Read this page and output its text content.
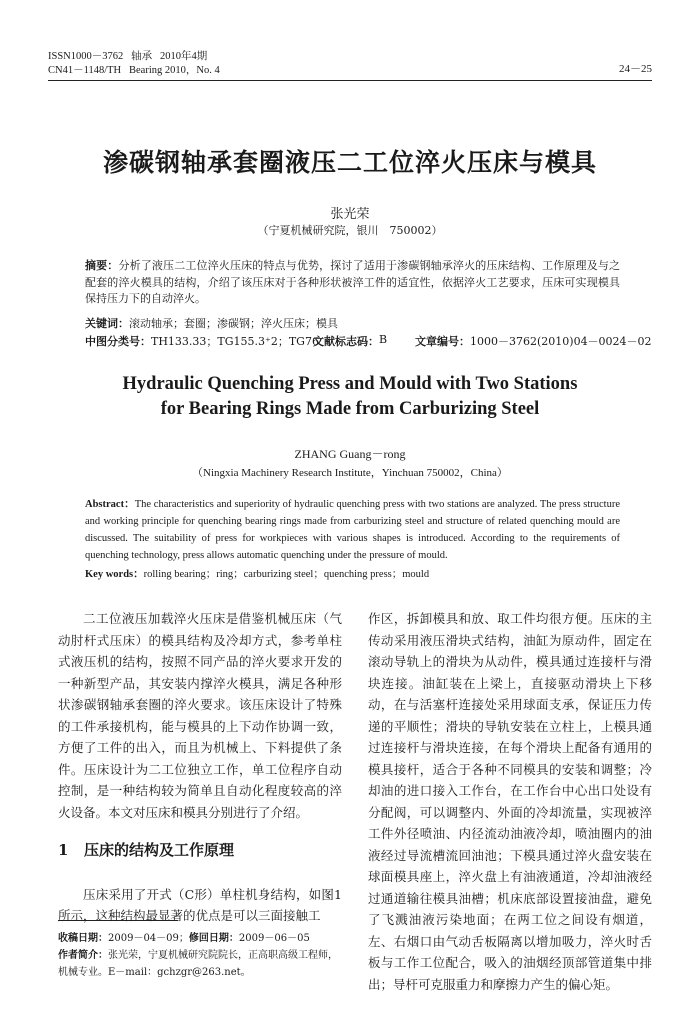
ISSN1000－3762 轴承 2010年4期
CN41－1148/TH Bearing 2010，No. 4	24－25
渗碳钢轴承套圈液压二工位淬火压床与模具
张光荣
（宁夏机械研究院，银川　750002）
摘要：分析了液压二工位淬火压床的特点与优势，探讨了适用于渗碳钢轴承淬火的压床结构、工作原理及与之配套的淬火模具的结构，介绍了该压床对于各种形状被淬工件的适宜性，依据淬火工艺要求，压床可实现模具保持压力下的自动淬火。
关键词：滚动轴承；套圈；渗碳钢；淬火压床；模具
中图分类号： TH133.33；TG155.3⁺2；TG76
文献标志码： B	文章编号： 1000－3762(2010)04－0024－02
Hydraulic Quenching Press and Mould with Two Stations
for Bearing Rings Made from Carburizing Steel
ZHANG Guang－rong
（Ningxia Machinery Research Institute，Yinchuan 750002，China）
Abstract：The characteristics and superiority of hydraulic quenching press with two stations are analyzed. The press structure and working principle for quenching bearing rings made from carburizing steel and structure of related quenching mould are discussed. The suitability of press for workpieces with various shapes is introduced. According to the requirements of quenching technology, press allows automatic quenching under the pressure of mould.
Key words：rolling bearing；ring；carburizing steel；quenching press；mould

二工位液压加载淬火压床是借鉴机械压床（气动肘杆式压床）的模具结构及冷却方式，参考单柱式液压机的结构，按照不同产品的淬火要求开发的一种新型产品，其安装内撑淬火模具，满足各种形状渗碳钢轴承套圈的淬火要求。该压床设计了特殊的工件承接机构，能与模具的上下动作协调一致，方便了工件的出入，而且为机械上、下料提供了条件。压床设计为二工位独立工作，单工位程序自动控制，是一种结构较为简单且自动化程度较高的淬火设备。本文对压床和模具分别进行了介绍。

1 压床的结构及工作原理

压床采用了开式（C形）单柱机身结构，如图1所示，这种结构最显著的优点是可以三面接触工

收稿日期：2009－04－09；修回日期：2009－06－05
作者简介：张光荣，宁夏机械研究院院长，正高职高级工程师，机械专业。E－mail：gchzgr@263.net。

作区，拆卸模具和放、取工件均很方便。压床的主传动采用液压滑块式结构，油缸为原动件，固定在滚动导轨上的滑块为从动件，模具通过连接杆与滑块连接。油缸装在上梁上，直接驱动滑块上下移动，在与活塞杆连接处采用球面支承，保证压力传递的平顺性；滑块的导轨安装在立柱上，上模具通过连接杆与滑块连接，在每个滑块上配备有通用的模具接杆，适合于各种不同模具的安装和调整；冷却油的进口接入工作台，在工作台中心出口处设有分配阀，可以调整内、外面的冷却流量，实现被淬工件外径喷油、内径流动油液冷却，喷油圈内的油液经过导流槽流回油池；下模具通过淬火盘安装在球面模具座上，淬火盘上有油液通道，冷却油液经过通道输往模具油槽；机床底部设置接油盘，避免了飞溅油液污染地面；在两工位之间设有烟道，左、右烟口由气动舌板隔离以增加吸力，淬火时舌板与工作工位配合，吸入的油烟经顶部管道集中排出；导杆可克服重力和摩擦力产生的偏心矩。
